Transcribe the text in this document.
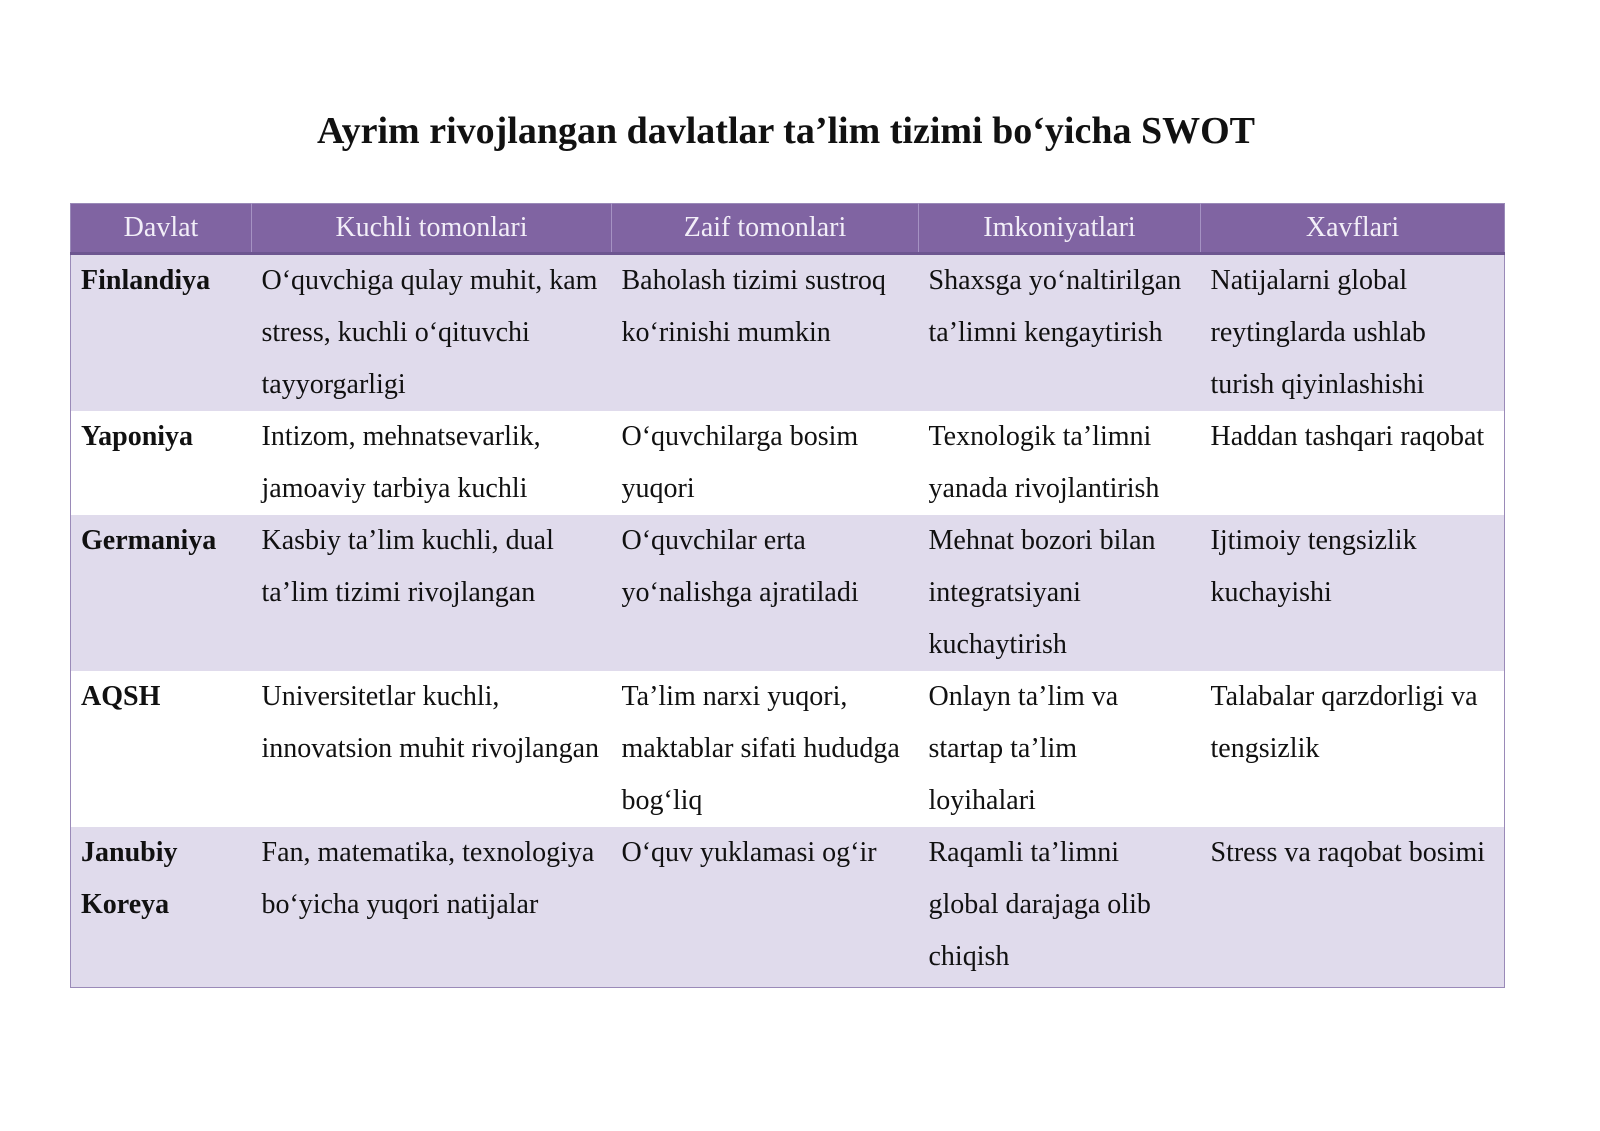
Ayrim rivojlangan davlatlar ta’lim tizimi bo‘yicha SWOT
Davlat	Kuchli tomonlari	Zaif tomonlari	Imkoniyatlari	Xavflari
Finlandiya	O‘quvchiga qulay muhit, kam stress, kuchli o‘qituvchi tayyorgarligi	Baholash tizimi sustroq ko‘rinishi mumkin	Shaxsga yo‘naltirilgan ta’limni kengaytirish	Natijalarni global reytinglarda ushlab turish qiyinlashishi
Yaponiya	Intizom, mehnatsevarlik, jamoaviy tarbiya kuchli	O‘quvchilarga bosim yuqori	Texnologik ta’limni yanada rivojlantirish	Haddan tashqari raqobat
Germaniya	Kasbiy ta’lim kuchli, dual ta’lim tizimi rivojlangan	O‘quvchilar erta yo‘nalishga ajratiladi	Mehnat bozori bilan integratsiyani kuchaytirish	Ijtimoiy tengsizlik kuchayishi
AQSH	Universitetlar kuchli, innovatsion muhit rivojlangan	Ta’lim narxi yuqori, maktablar sifati hududga bog‘liq	Onlayn ta’lim va startap ta’lim loyihalari	Talabalar qarzdorligi va tengsizlik
Janubiy Koreya	Fan, matematika, texnologiya bo‘yicha yuqori natijalar	O‘quv yuklamasi og‘ir	Raqamli ta’limni global darajaga olib chiqish	Stress va raqobat bosimi
